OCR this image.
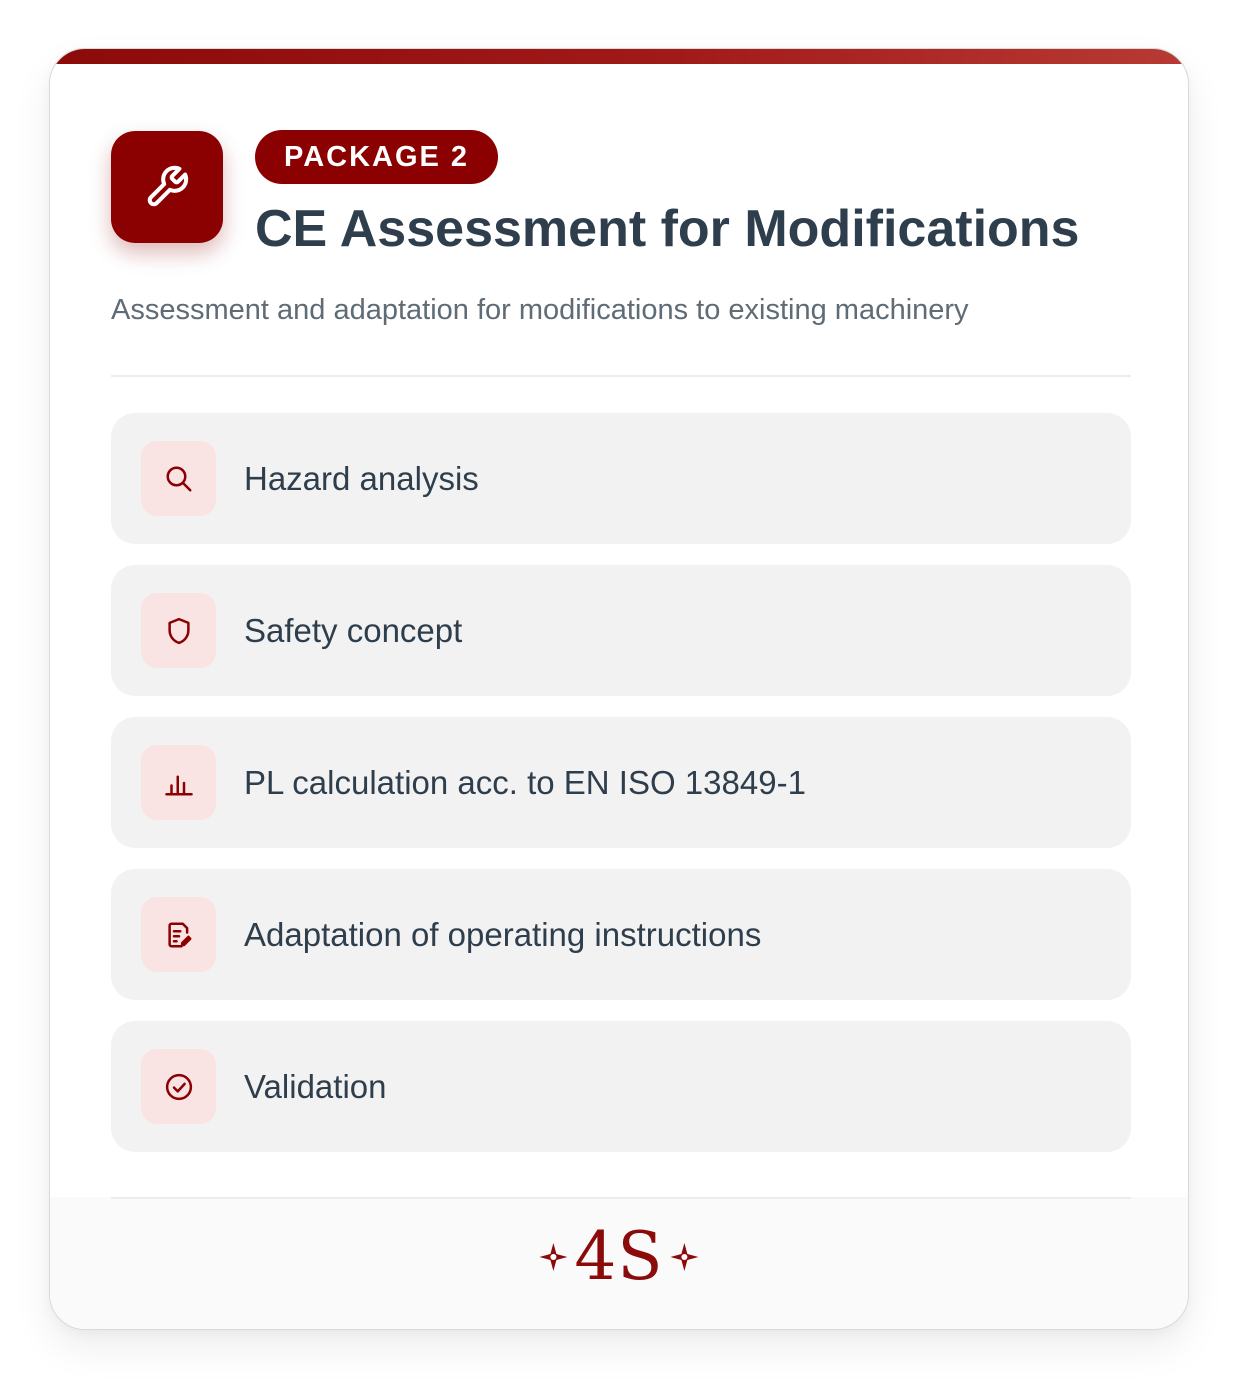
PACKAGE 2
CE Assessment for Modifications

Assessment and adaptation for modifications to existing machinery

Hazard analysis
Safety concept
PL calculation acc. to EN ISO 13849-1
Adaptation of operating instructions
Validation
4S
